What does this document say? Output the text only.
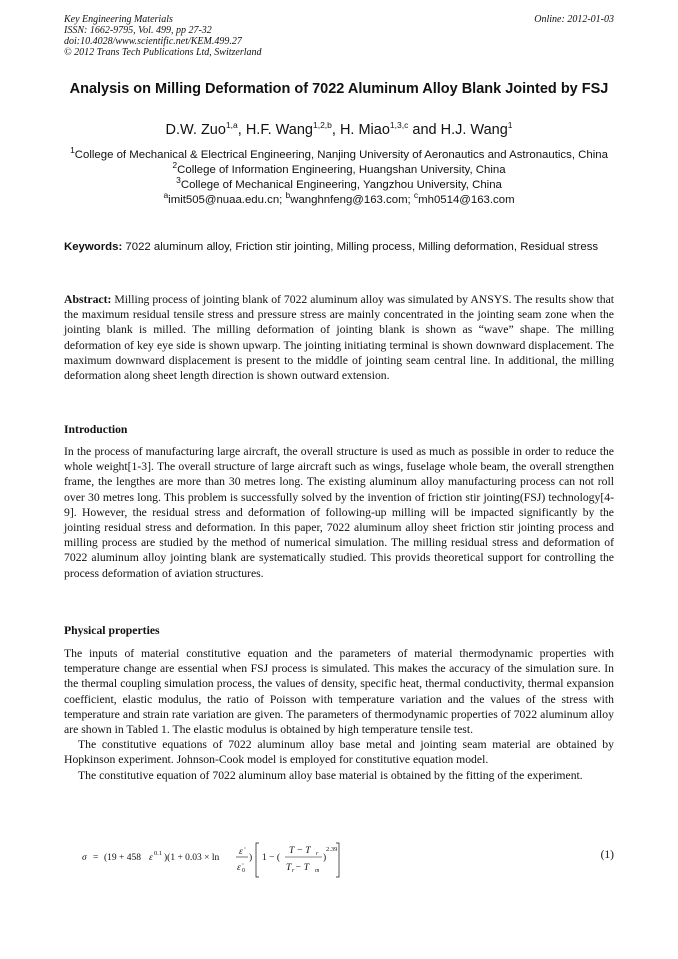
Key Engineering Materials
ISSN: 1662-9795, Vol. 499, pp 27-32
doi:10.4028/www.scientific.net/KEM.499.27
© 2012 Trans Tech Publications Ltd, Switzerland
Online: 2012-01-03
Analysis on Milling Deformation of 7022 Aluminum Alloy Blank Jointed by FSJ
D.W. Zuo$^{1,a}$, H.F. Wang$^{1,2,b}$, H. Miao$^{1,3,c}$ and H.J. Wang$^1$
$^1$College of Mechanical & Electrical Engineering, Nanjing University of Aeronautics and Astronautics, China
$^2$College of Information Engineering, Huangshan University, China
$^3$College of Mechanical Engineering, Yangzhou University, China
$^a$imit505@nuaa.edu.cn; $^b$wanghnfeng@163.com; $^c$mh0514@163.com
Keywords: 7022 aluminum alloy, Friction stir jointing, Milling process, Milling deformation, Residual stress

Abstract: Milling process of jointing blank of 7022 aluminum alloy was simulated by ANSYS. The results show that the maximum residual tensile stress and pressure stress are mainly concentrated in the jointing seam zone when the jointing blank is milled. The milling deformation of jointing blank is shown as “wave” shape. The milling deformation of key eye side is shown upwarp. The jointing initiating terminal is shown downward displacement. The maximum downward displacement is present to the middle of jointing seam central line. In additional, the milling deformation along sheet length direction is shown outward extension.

Introduction

In the process of manufacturing large aircraft, the overall structure is used as much as possible in order to reduce the whole weight[1-3]. The overall structure of large aircraft such as wings, fuselage whole beam, the overall strengthen frame, the lengthes are more than 30 metres long. The existing aluminum alloy manufacturing process can not roll over 30 metres long. This problem is successfully solved by the invention of friction stir jointing(FSJ) technology[4-9]. However, the residual stress and deformation of following-up milling will be impacted significantly by the jointing residual stress and deformation. In this paper, 7022 aluminum alloy sheet friction stir jointing process and milling process are studied by the method of numerical simulation. The milling residual stress and deformation of 7022 aluminum alloy jointing blank are systematically studied. This provids theoretical support for controlling the process deformation of aviation structures.

Physical properties

The inputs of material constitutive equation and the parameters of material thermodynamic properties with temperature change are essential when FSJ process is simulated. This makes the accuracy of the simulation sure. In the thermal coupling simulation process, the values of density, specific heat, thermal conductivity, thermal expansion coefficient, elastic modulus, the ratio of Poisson with temperature variation and the values of the stress with temperature and strain rate variation are given. The parameters of thermodynamic properties of 7022 aluminum alloy are shown in Tabled 1. The elastic modulus is obtained by high temperature tensile test.

The constitutive equations of 7022 aluminum alloy base metal and jointing seam material are obtained by Hopkinson experiment. Johnson-Cook model is employed for constitutive equation model.

The constitutive equation of 7022 aluminum alloy base material is obtained by the fitting of the experiment.

σ = (19 + 458 ε 0.1 )(1 + 0.03 × ln
ε̇
ε̇ 0
) 1 − (
T − T r
T r − T m
)
2.39	(1)
